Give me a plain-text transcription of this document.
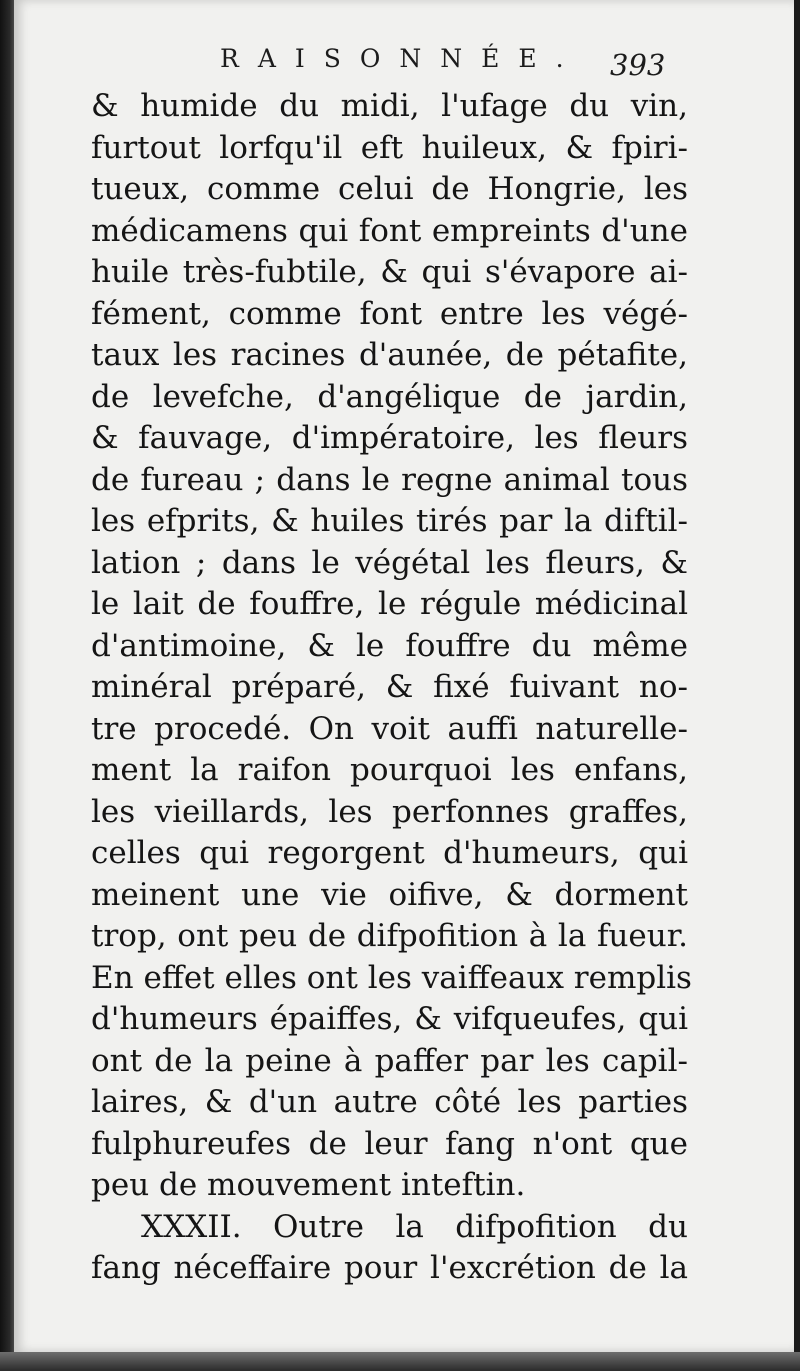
RAISONNÉE. 393
& humide du midi, l'ufage du vin,
furtout lorfqu'il eft huileux, & fpiri-
tueux, comme celui de Hongrie, les
médicamens qui font empreints d'une
huile très-fubtile, & qui s'évapore ai-
fément, comme font entre les végé-
taux les racines d'aunée, de pétafite,
de levefche, d'angélique de jardin,
& fauvage, d'impératoire, les fleurs
de fureau ; dans le regne animal tous
les efprits, & huiles tirés par la diftil-
lation ; dans le végétal les fleurs, &
le lait de fouffre, le régule médicinal
d'antimoine, & le fouffre du même
minéral préparé, & fixé fuivant no-
tre procedé. On voit auffi naturelle-
ment la raifon pourquoi les enfans,
les vieillards, les perfonnes graffes,
celles qui regorgent d'humeurs, qui
meinent une vie oifive, & dorment
trop, ont peu de difpofition à la fueur.
En effet elles ont les vaiffeaux remplis
d'humeurs épaiffes, & vifqueufes, qui
ont de la peine à paffer par les capil-
laires, & d'un autre côté les parties
fulphureufes de leur fang n'ont que
peu de mouvement inteftin.
XXXII. Outre la difpofition du
fang néceffaire pour l'excrétion de la
